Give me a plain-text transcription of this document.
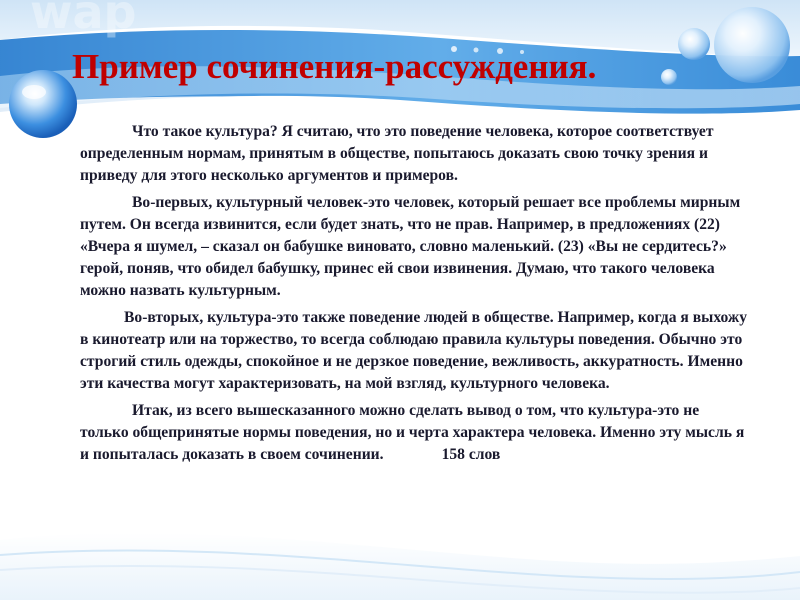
wap
Пример сочинения-рассуждения.

Что такое культура? Я считаю, что это поведение человека, которое соответствует определенным нормам, принятым в обществе, попытаюсь доказать свою точку зрения и приведу для этого несколько аргументов и примеров.

Во-первых, культурный человек-это человек, который решает все проблемы мирным путем. Он всегда извинится, если будет знать, что не прав. Например, в предложениях (22) «Вчера я шумел, – сказал он бабушке виновато, словно маленький. (23) «Вы не сердитесь?» герой, поняв, что обидел бабушку, принес ей свои извинения. Думаю, что такого человека можно назвать культурным.

Во-вторых, культура-это также поведение людей в обществе. Например, когда я выхожу в кинотеатр или на торжество, то всегда соблюдаю правила культуры поведения. Обычно это строгий стиль одежды, спокойное и не дерзкое поведение, вежливость, аккуратность. Именно эти качества могут характеризовать, на мой взгляд, культурного человека.

Итак, из всего вышесказанного можно сделать вывод о том, что культура-это не только общепринятые нормы поведения, но и черта характера человека. Именно эту мысль я и попыталась доказать в своем сочинении.	158 слов
